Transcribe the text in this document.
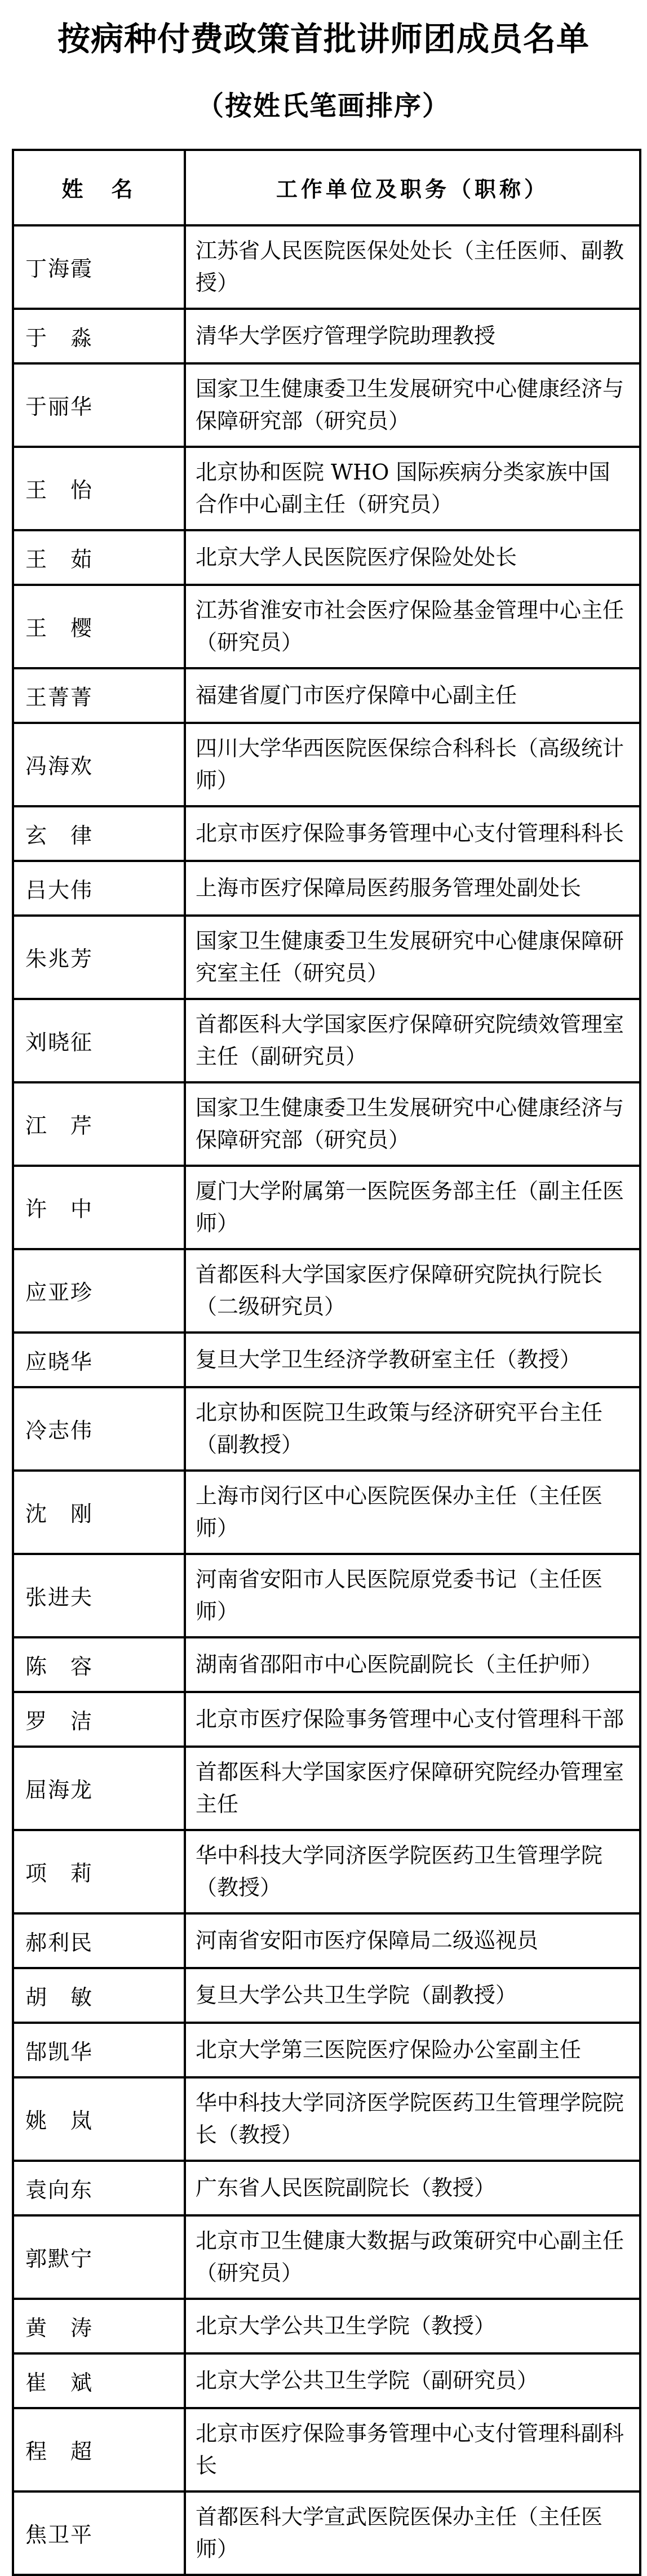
按病种付费政策首批讲师团成员名单
（按姓氏笔画排序）
姓　名	工作单位及职务（职称）
丁海霞	江苏省人民医院医保处处长（主任医师、副教授）
于　淼	清华大学医疗管理学院助理教授
于丽华	国家卫生健康委卫生发展研究中心健康经济与保障研究部（研究员）
王　怡	北京协和医院 WHO 国际疾病分类家族中国合作中心副主任（研究员）
王　茹	北京大学人民医院医疗保险处处长
王　樱	江苏省淮安市社会医疗保险基金管理中心主任（研究员）
王菁菁	福建省厦门市医疗保障中心副主任
冯海欢	四川大学华西医院医保综合科科长（高级统计师）
玄　律	北京市医疗保险事务管理中心支付管理科科长
吕大伟	上海市医疗保障局医药服务管理处副处长
朱兆芳	国家卫生健康委卫生发展研究中心健康保障研究室主任（研究员）
刘晓征	首都医科大学国家医疗保障研究院绩效管理室主任（副研究员）
江　芹	国家卫生健康委卫生发展研究中心健康经济与保障研究部（研究员）
许　中	厦门大学附属第一医院医务部主任（副主任医师）
应亚珍	首都医科大学国家医疗保障研究院执行院长（二级研究员）
应晓华	复旦大学卫生经济学教研室主任（教授）
冷志伟	北京协和医院卫生政策与经济研究平台主任（副教授）
沈　刚	上海市闵行区中心医院医保办主任（主任医师）
张进夫	河南省安阳市人民医院原党委书记（主任医师）
陈　容	湖南省邵阳市中心医院副院长（主任护师）
罗　洁	北京市医疗保险事务管理中心支付管理科干部
屈海龙	首都医科大学国家医疗保障研究院经办管理室主任
项　莉	华中科技大学同济医学院医药卫生管理学院（教授）
郝利民	河南省安阳市医疗保障局二级巡视员
胡　敏	复旦大学公共卫生学院（副教授）
郜凯华	北京大学第三医院医疗保险办公室副主任
姚　岚	华中科技大学同济医学院医药卫生管理学院院长（教授）
袁向东	广东省人民医院副院长（教授）
郭默宁	北京市卫生健康大数据与政策研究中心副主任（研究员）
黄　涛	北京大学公共卫生学院（教授）
崔　斌	北京大学公共卫生学院（副研究员）
程　超	北京市医疗保险事务管理中心支付管理科副科长
焦卫平	首都医科大学宣武医院医保办主任（主任医师）
